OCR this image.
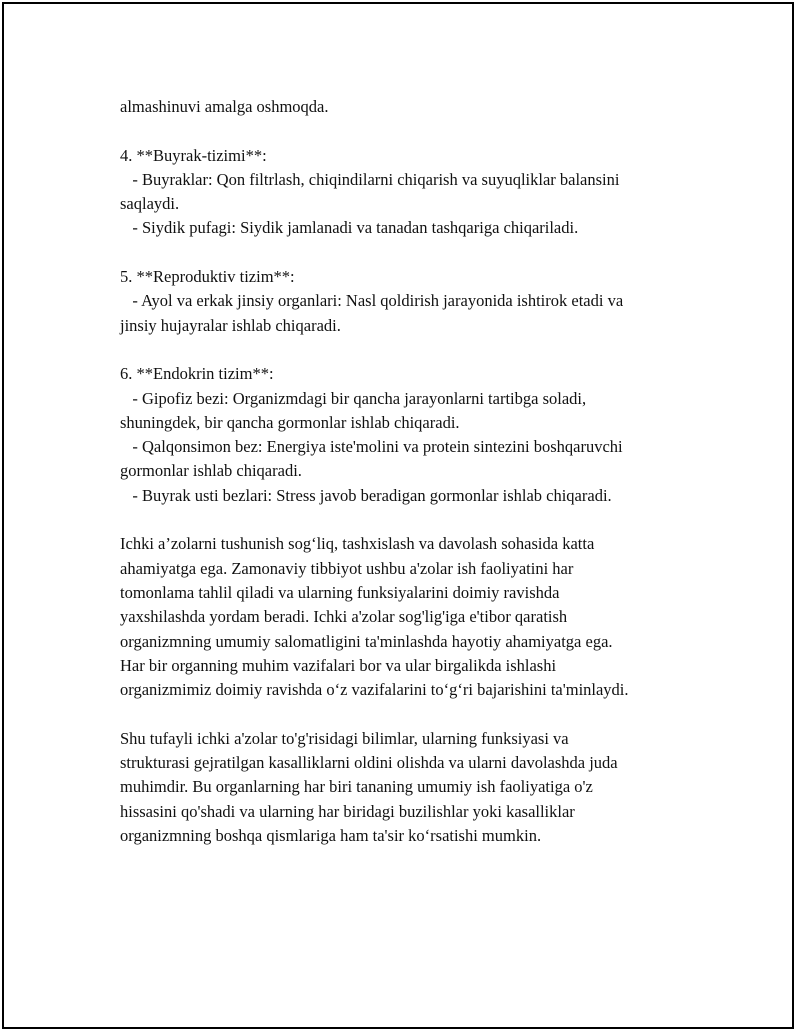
almashinuvi amalga oshmoqda.
4. **Buyrak-tizimi**:
- Buyraklar: Qon filtrlash, chiqindilarni chiqarish va suyuqliklar balansini
saqlaydi.
- Siydik pufagi: Siydik jamlanadi va tanadan tashqariga chiqariladi.
5. **Reproduktiv tizim**:
- Ayol va erkak jinsiy organlari: Nasl qoldirish jarayonida ishtirok etadi va
jinsiy hujayralar ishlab chiqaradi.
6. **Endokrin tizim**:
- Gipofiz bezi: Organizmdagi bir qancha jarayonlarni tartibga soladi,
shuningdek, bir qancha gormonlar ishlab chiqaradi.
- Qalqonsimon bez: Energiya iste'molini va protein sintezini boshqaruvchi
gormonlar ishlab chiqaradi.
- Buyrak usti bezlari: Stress javob beradigan gormonlar ishlab chiqaradi.
Ichki a’zolarni tushunish sog‘liq, tashxislash va davolash sohasida katta
ahamiyatga ega. Zamonaviy tibbiyot ushbu a'zolar ish faoliyatini har
tomonlama tahlil qiladi va ularning funksiyalarini doimiy ravishda
yaxshilashda yordam beradi. Ichki a'zolar sog'lig'iga e'tibor qaratish
organizmning umumiy salomatligini ta'minlashda hayotiy ahamiyatga ega.
Har bir organning muhim vazifalari bor va ular birgalikda ishlashi
organizmimiz doimiy ravishda o‘z vazifalarini to‘g‘ri bajarishini ta'minlaydi.
Shu tufayli ichki a'zolar to'g'risidagi bilimlar, ularning funksiyasi va
strukturasi gejratilgan kasalliklarni oldini olishda va ularni davolashda juda
muhimdir. Bu organlarning har biri tananing umumiy ish faoliyatiga o'z
hissasini qo'shadi va ularning har biridagi buzilishlar yoki kasalliklar
organizmning boshqa qismlariga ham ta'sir ko‘rsatishi mumkin.
